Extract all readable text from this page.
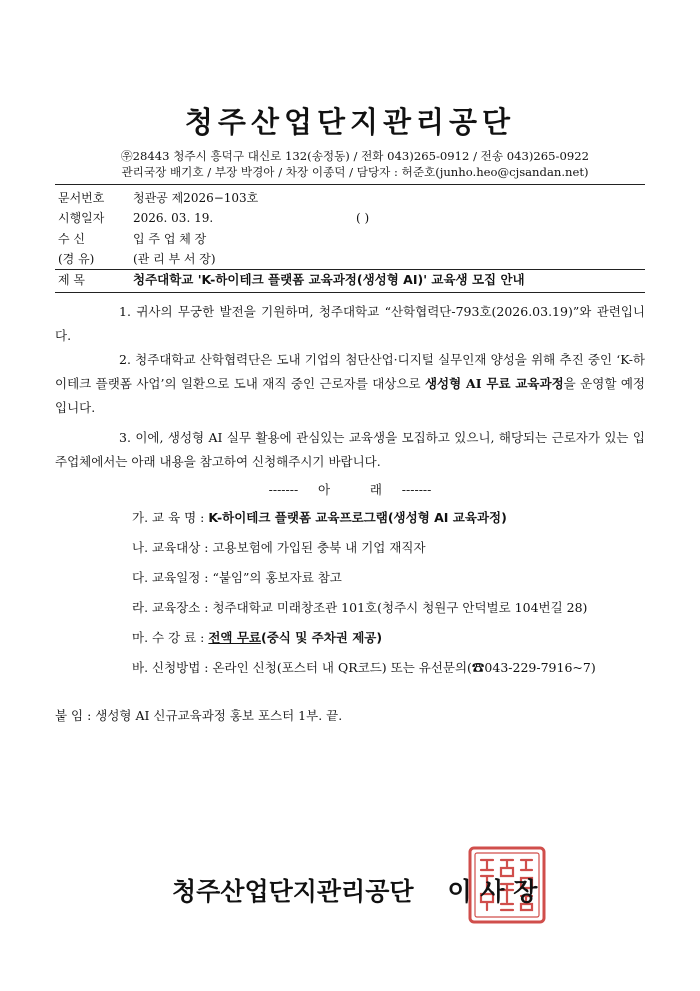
청주산업단지관리공단
㉾28443 청주시 흥덕구 대신로 132(송정동) / 전화 043)265-0912 / 전송 043)265-0922
관리국장 배기호 / 부장 박경아 / 차장 이종덕 / 담당자 : 허준호(junho.heo@cjsandan.net)
문서번호	청관공 제2026−103호
시행일자	2026. 03. 19.	( )
수 신	입 주 업 체 장
(경 유)	(관 리 부 서 장)
제 목	청주대학교 'K-하이테크 플랫폼 교육과정(생성형 AI)' 교육생 모집 안내
1. 귀사의 무궁한 발전을 기원하며, 청주대학교 “산학협력단-793호(2026.03.19)”와 관련입니다.
2. 청주대학교 산학협력단은 도내 기업의 첨단산업·디지털 실무인재 양성을 위해 추진 중인 ‘K-하이테크 플랫폼 사업’의 일환으로 도내 재직 중인 근로자를 대상으로 생성형 AI 무료 교육과정을 운영할 예정입니다.
3. 이에, 생성형 AI 실무 활용에 관심있는 교육생을 모집하고 있으니, 해당되는 근로자가 있는 입주업체에서는 아래 내용을 참고하여 신청해주시기 바랍니다.
-------     아          래     -------
가. 교 육 명 : K-하이테크 플랫폼 교육프로그램(생성형 AI 교육과정)
나. 교육대상 : 고용보험에 가입된 충북 내 기업 재직자
다. 교육일정 : “붙임”의 홍보자료 참고
라. 교육장소 : 청주대학교 미래창조관 101호(청주시 청원구 안덕벌로 104번길 28)
마. 수 강 료 : 전액 무료(중식 및 주차권 제공)
바. 신청방법 : 온라인 신청(포스터 내 QR코드) 또는 유선문의(☎043-229-7916~7)
붙 임 : 생성형 AI 신규교육과정 홍보 포스터 1부. 끝.
청주산업단지관리공단 이 사 장
